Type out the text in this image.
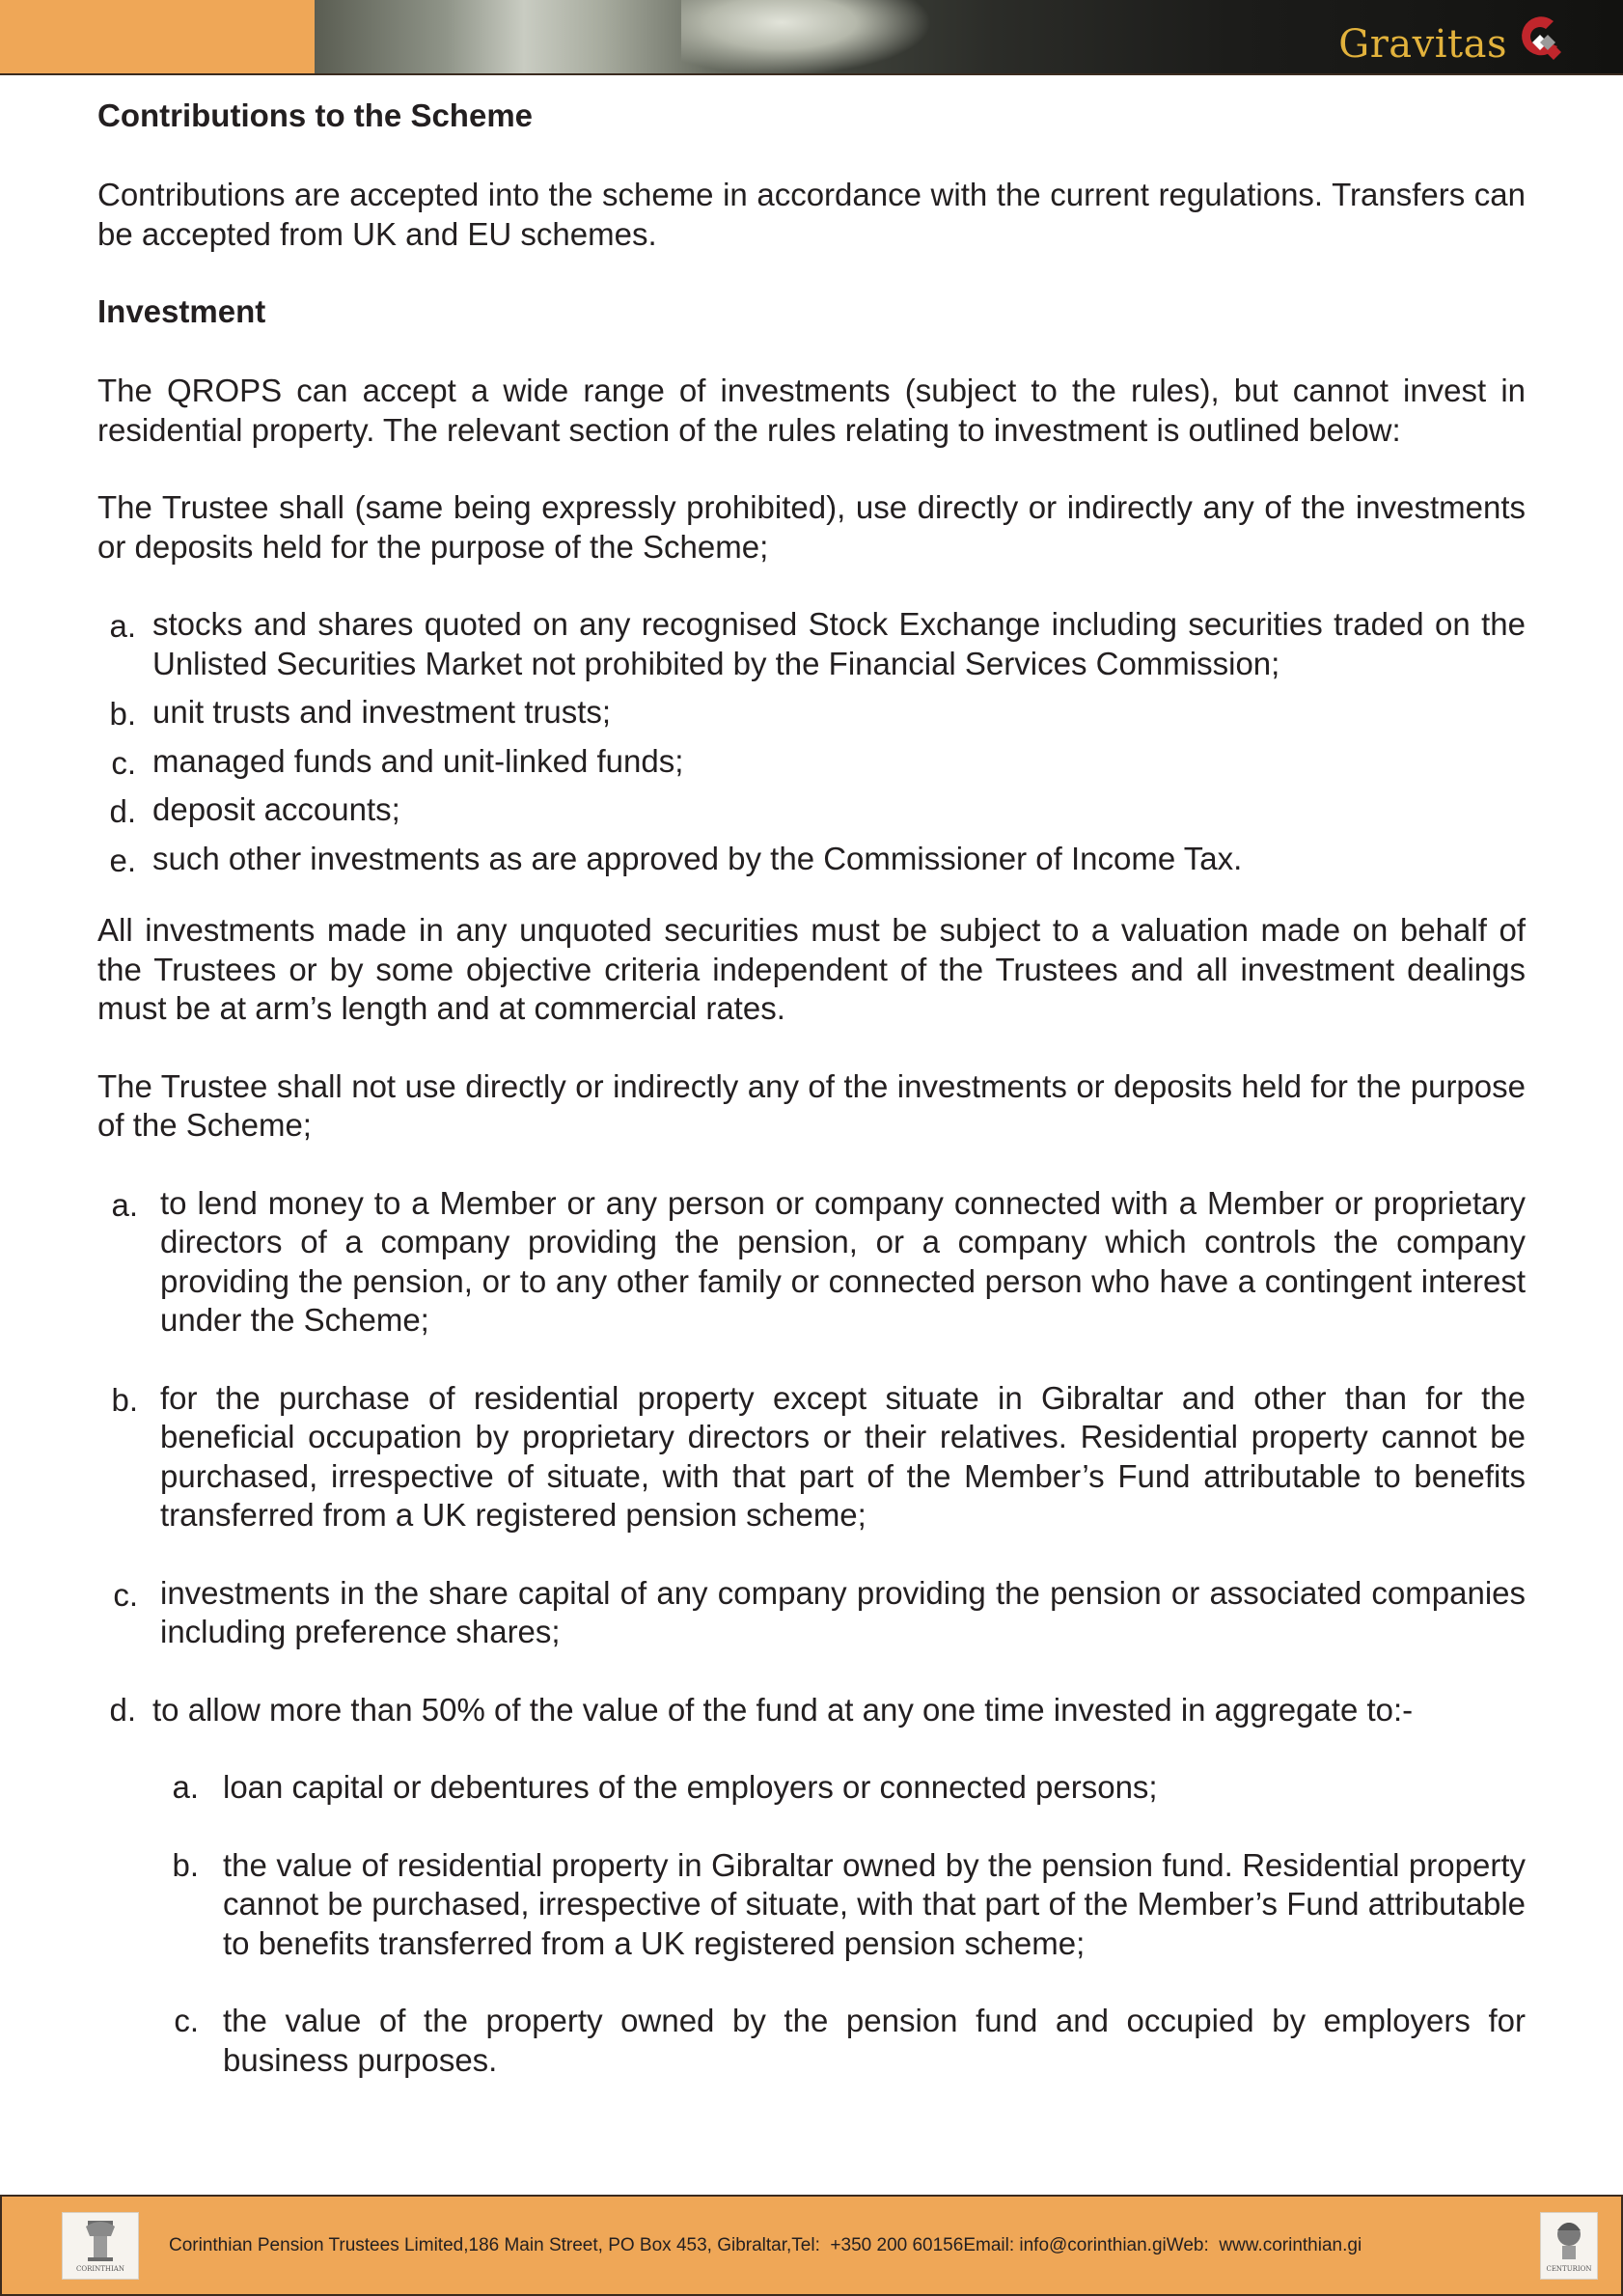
Gravitas
Contributions to the Scheme

Contributions are accepted into the scheme in accordance with the current regulations. Transfers can be accepted from UK and EU schemes.

Investment

The QROPS can accept a wide range of investments (subject to the rules), but cannot invest in residential property. The relevant section of the rules relating to investment is outlined below:

The Trustee shall (same being expressly prohibited), use directly or indirectly any of the investments or deposits held for the purpose of the Scheme;

a. stocks and shares quoted on any recognised Stock Exchange including securities traded on the Unlisted Securities Market not prohibited by the Financial Services Commission;
b. unit trusts and investment trusts;
c. managed funds and unit-linked funds;
d. deposit accounts;
e. such other investments as are approved by the Commissioner of Income Tax.

All investments made in any unquoted securities must be subject to a valuation made on behalf of the Trustees or by some objective criteria independent of the Trustees and all investment dealings must be at arm’s length and at commercial rates.

The Trustee shall not use directly or indirectly any of the investments or deposits held for the purpose of the Scheme;

a. to lend money to a Member or any person or company connected with a Member or proprietary directors of a company providing the pension, or a company which controls the company providing the pension, or to any other family or connected person who have a contingent interest under the Scheme;
b. for the purchase of residential property except situate in Gibraltar and other than for the beneficial occupation by proprietary directors or their relatives. Residential property cannot be purchased, irrespective of situate, with that part of the Member’s Fund attributable to benefits transferred from a UK registered pension scheme;
c. investments in the share capital of any company providing the pension or associated companies including preference shares;
d. to allow more than 50% of the value of the fund at any one time invested in aggregate to:-
a. loan capital or debentures of the employers or connected persons;
b. the value of residential property in Gibraltar owned by the pension fund. Residential property cannot be purchased, irrespective of situate, with that part of the Member’s Fund attributable to benefits transferred from a UK registered pension scheme;
c. the value of the property owned by the pension fund and occupied by employers for business purposes.
CORINTHIAN
Corinthian Pension Trustees Limited, 186 Main Street, PO Box 453, Gibraltar, Tel:  +350 200 60156 Email: info@corinthian.gi Web:  www.corinthian.gi
CENTURION
